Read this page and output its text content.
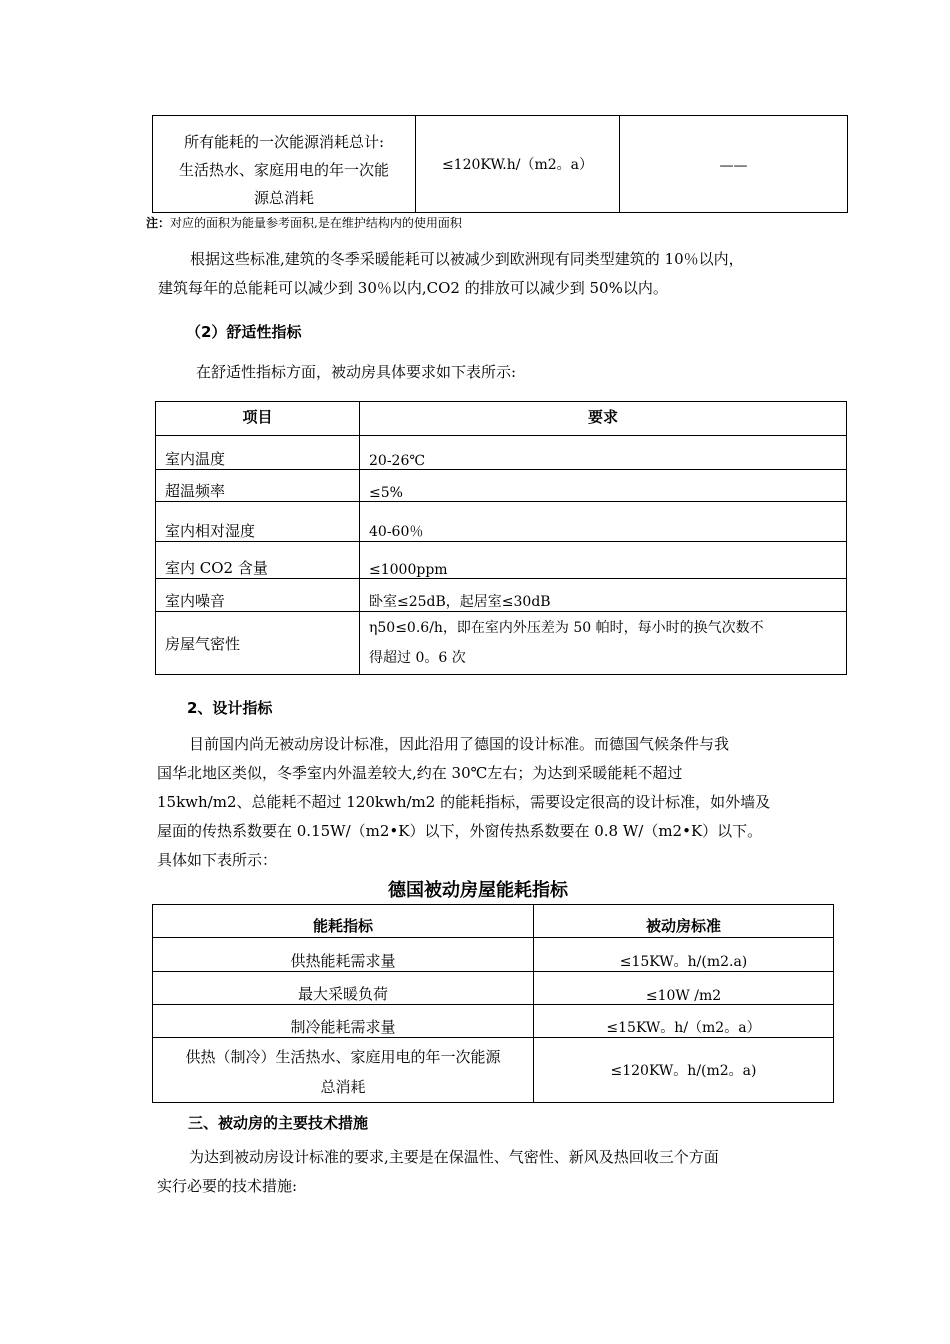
所有能耗的一次能源消耗总计:
生活热水、家庭用电的年一次能
源总消耗
	≤120KW.h/（m2。a）	——
注：对应的面积为能量参考面积,是在维护结构内的使用面积
根据这些标准,建筑的冬季采暖能耗可以被减少到欧洲现有同类型建筑的 10％以内，
建筑每年的总能耗可以减少到 30％以内,CO2 的排放可以减少到 50%以内。
（2）舒适性指标
在舒适性指标方面，被动房具体要求如下表所示:
项目	要求
室内温度	20-26℃
超温频率	≤5%
室内相对湿度	40-60％
室内 CO2 含量	≤1000ppm
室内噪音	卧室≤25dB，起居室≤30dB
房屋气密性	η50≤0.6/h，即在室内外压差为 50 帕时，每小时的换气次数不
得超过 0。6 次
2、设计指标
目前国内尚无被动房设计标准，因此沿用了德国的设计标准。而德国气候条件与我
国华北地区类似，冬季室内外温差较大,约在 30℃左右；为达到采暖能耗不超过
15kwh/m2、总能耗不超过 120kwh/m2 的能耗指标，需要设定很高的设计标准，如外墙及
屋面的传热系数要在 0.15W/（m2•K）以下，外窗传热系数要在 0.8 W/（m2•K）以下。
具体如下表所示：
德国被动房屋能耗指标
能耗指标	被动房标准
供热能耗需求量	≤15KW。h/(m2.a)
最大采暖负荷	≤10W /m2
制冷能耗需求量	≤15KW。h/（m2。a）

供热（制冷）生活热水、家庭用电的年一次能源
总消耗	≤120KW。h/(m2。a)
三、被动房的主要技术措施
为达到被动房设计标准的要求,主要是在保温性、气密性、新风及热回收三个方面
实行必要的技术措施:
